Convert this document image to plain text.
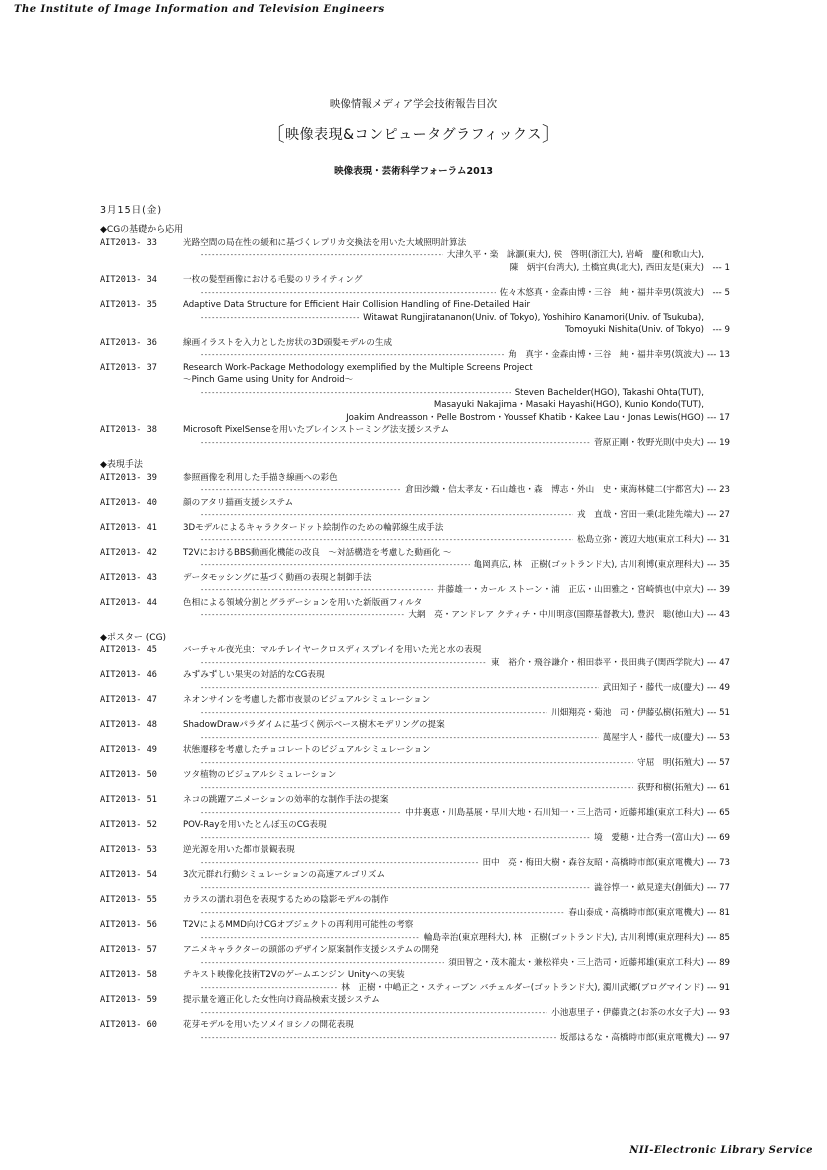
The Institute of Image Information and Television Engineers
映像情報メディア学会技術報告目次
〔映像表現&コンピュータグラフィックス〕
映像表現・芸術科学フォーラム2013
3月15日(金)
◆CGの基礎から応用
AIT2013- 33	光路空間の局在性の緩和に基づくレプリカ交換法を用いた大域照明計算法
-----
大津久平・楽　詠灝(東大), 侯　啓明(浙江大), 岩崎　慶(和歌山大),
陳　炳宇(台湾大), 土橋宜典(北大), 西田友是(東大)	--- 1
AIT2013- 34	一枚の髪型画像における毛髪のリライティング
-----
佐々木悠真・金森由博・三谷　純・福井幸男(筑波大)	--- 5
AIT2013- 35	Adaptive Data Structure for Efficient Hair Collision Handling of Fine-Detailed Hair
-----
Witawat Rungjiratananon(Univ. of Tokyo), Yoshihiro Kanamori(Univ. of Tsukuba),
Tomoyuki Nishita(Univ. of Tokyo)	--- 9
AIT2013- 36	線画イラストを入力とした房状の3D頭髪モデルの生成
-----
角　真宇・金森由博・三谷　純・福井幸男(筑波大)	--- 13
AIT2013- 37	Research Work-Package Methodology exemplified by the Multiple Screens Project
～Pinch Game using Unity for Android～
-----
Steven Bachelder(HGO), Takashi Ohta(TUT),
Masayuki Nakajima・Masaki Hayashi(HGO), Kunio Kondo(TUT),
Joakim Andreasson・Pelle Bostrom・Youssef Khatib・Kakee Lau・Jonas Lewis(HGO)	--- 17
AIT2013- 38	Microsoft PixelSenseを用いたブレインストーミング法支援システム
-----
菅原正剛・牧野光則(中央大)	--- 19
◆表現手法
AIT2013- 39	参照画像を利用した手描き線画への彩色
-----
倉田沙織・信太孝友・石山雄也・森　博志・外山　史・東海林健二(宇都宮大)	--- 23
AIT2013- 40	顔のアタリ描画支援システム
-----
戎　直哉・宮田一乗(北陸先端大)	--- 27
AIT2013- 41	3Dモデルによるキャラクタードット絵制作のための輪郭線生成手法
-----
松島立弥・渡辺大地(東京工科大)	--- 31
AIT2013- 42	T2VにおけるBBS動画化機能の改良　～対話構造を考慮した動画化 ～
-----
亀岡真広, 林　正樹(ゴットランド大), 古川利博(東京理科大)	--- 35
AIT2013- 43	データモッシングに基づく動画の表現と制御手法
-----
井藤雄一・カール ストーン・浦　正広・山田雅之・宮崎慎也(中京大)	--- 39
AIT2013- 44	色相による領域分割とグラデーションを用いた新版画フィルタ
-----
大網　亮・アンドレア クティチ・中川明彦(国際基督教大), 豊沢　聡(徳山大)	--- 43
◆ポスター (CG)
AIT2013- 45	バーチャル夜光虫：マルチレイヤークロスディスプレイを用いた光と水の表現
-----
東　裕介・飛谷謙介・相田恭平・長田典子(関西学院大)	--- 47
AIT2013- 46	みずみずしい果実の対話的なCG表現
-----
武田知子・藤代一成(慶大)	--- 49
AIT2013- 47	ネオンサインを考慮した都市夜景のビジュアルシミュレーション
-----
川畑翔亮・菊池　司・伊藤弘樹(拓殖大)	--- 51
AIT2013- 48	ShadowDrawパラダイムに基づく例示ベース樹木モデリングの提案
-----
萬屋宇人・藤代一成(慶大)	--- 53
AIT2013- 49	状態遷移を考慮したチョコレートのビジュアルシミュレーション
-----
守屈　明(拓殖大)	--- 57
AIT2013- 50	ツタ植物のビジュアルシミュレーション
-----
荻野和樹(拓殖大)	--- 61
AIT2013- 51	ネコの跳躍アニメーションの効率的な制作手法の提案
-----
中井裏恵・川島基展・早川大地・石川知一・三上浩司・近藤邦雄(東京工科大)	--- 65
AIT2013- 52	POV-Rayを用いたとんぼ玉のCG表現
-----
境　愛穂・辻合秀一(富山大)	--- 69
AIT2013- 53	逆光源を用いた都市景観表現
-----
田中　亮・梅田大樹・森谷友昭・高橋時市郎(東京電機大)	--- 73
AIT2013- 54	3次元群れ行動シミュレーションの高速アルゴリズム
-----
澁谷惇一・畝見達夫(創価大)	--- 77
AIT2013- 55	カラスの濡れ羽色を表現するための陰影モデルの制作
-----
春山泰成・高橋時市郎(東京電機大)	--- 81
AIT2013- 56	T2VによるMMD向けCGオブジェクトの再利用可能性の考察
-----
輪島幸治(東京理科大), 林　正樹(ゴットランド大), 古川利博(東京理科大)	--- 85
AIT2013- 57	アニメキャラクターの頭部のデザイン原案制作支援システムの開発
-----
須田智之・茂木龍太・兼松祥央・三上浩司・近藤邦雄(東京工科大)	--- 89
AIT2013- 58	テキスト映像化技術T2Vのゲームエンジン Unityへの実装
-----
林　正樹・中嶋正之・スティーブン バチェルダー(ゴットランド大), 濁川武郷(ブログマインド)	--- 91
AIT2013- 59	提示量を適正化した女性向け商品検索支援システム
-----
小池恵里子・伊藤貴之(お茶の水女子大)	--- 93
AIT2013- 60	花芽モデルを用いたソメイヨシノの開花表現
-----
坂部はるな・高橋時市郎(東京電機大)	--- 97
NII-Electronic Library Service
